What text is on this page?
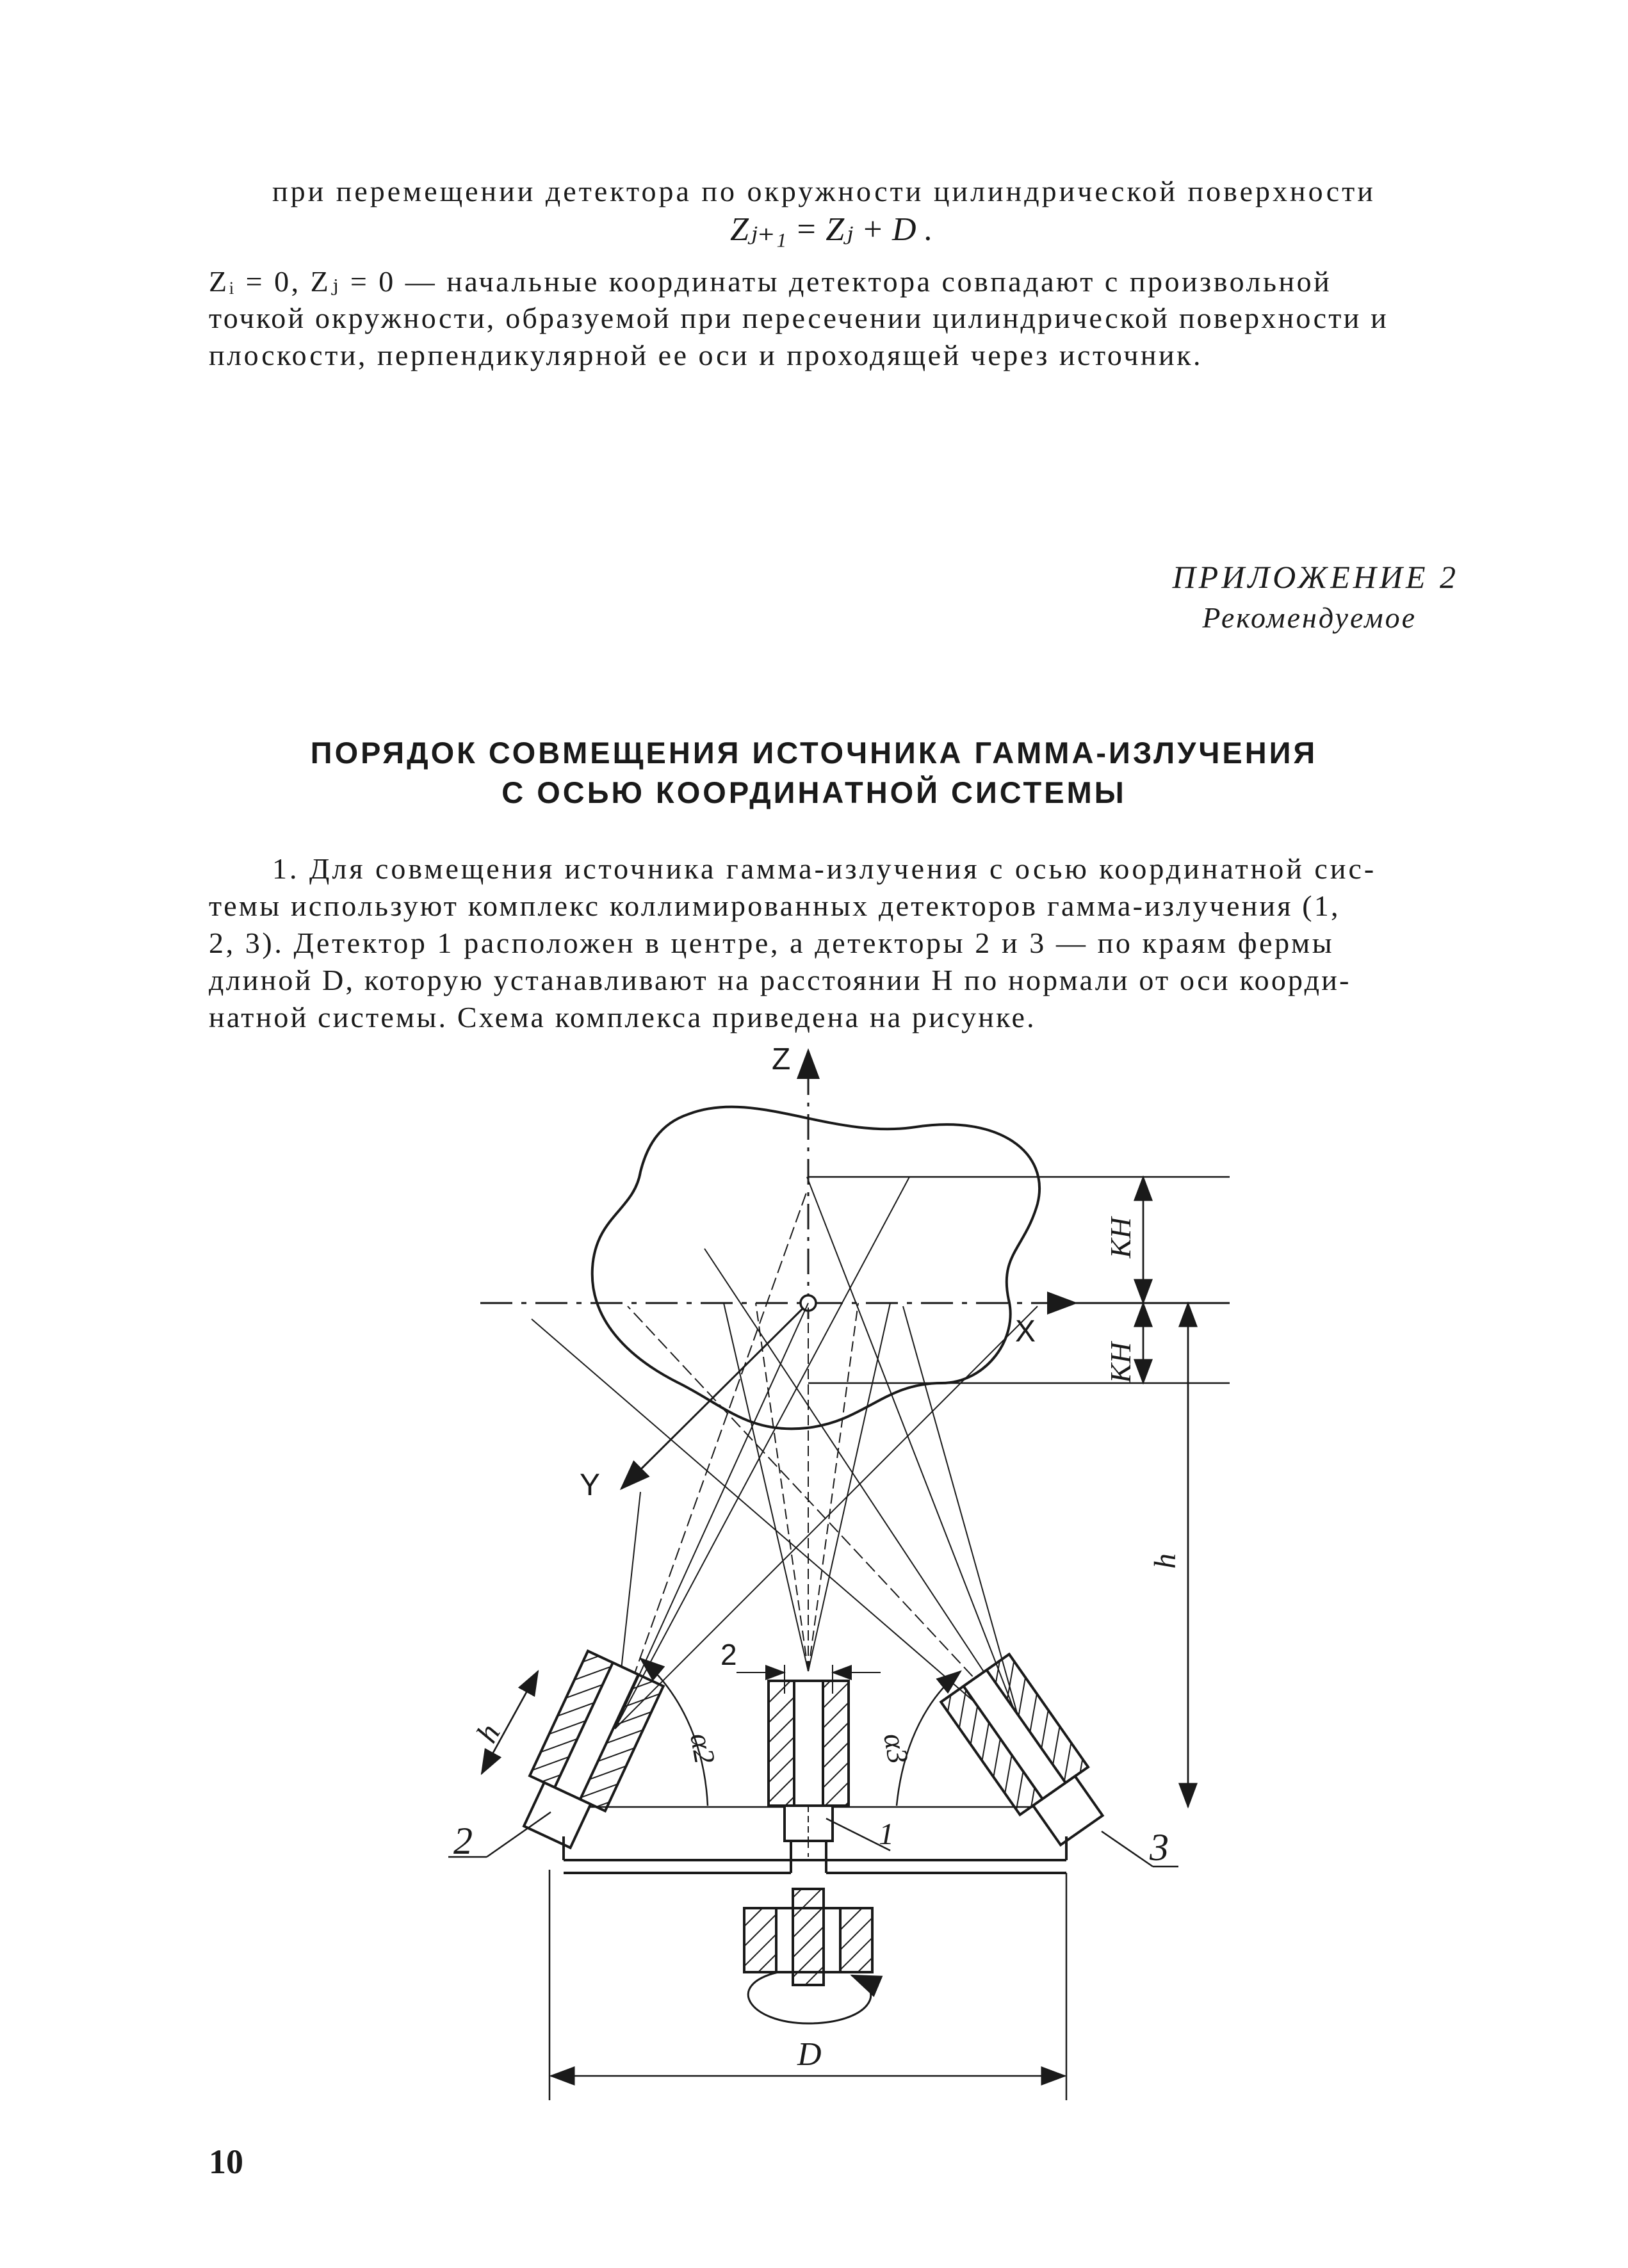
при перемещении детектора по окружности цилиндрической поверхности
Zⱼ₊₁ = Zⱼ + D .
Zᵢ = 0, Zⱼ = 0 — начальные координаты детектора совпадают с произвольной
точкой окружности, образуемой при пересечении цилиндрической поверхности и
плоскости, перпендикулярной ее оси и проходящей через источник.
ПРИЛОЖЕНИЕ 2
Рекомендуемое
ПОРЯДОК СОВМЕЩЕНИЯ ИСТОЧНИКА ГАММА-ИЗЛУЧЕНИЯ
С ОСЬЮ КООРДИНАТНОЙ СИСТЕМЫ
1. Для совмещения источника гамма-излучения с осью координатной сис-
темы используют комплекс коллимированных детекторов гамма-излучения (1,
2, 3). Детектор 1 расположен в центре, а детекторы 2 и 3 — по краям фермы
длиной D, которую устанавливают на расстоянии H по нормали от оси коорди-
натной системы. Схема комплекса приведена на рисунке.
Z
X
Y
KH
KH
h
h
2
α2	α3
1
2	3
D
10
